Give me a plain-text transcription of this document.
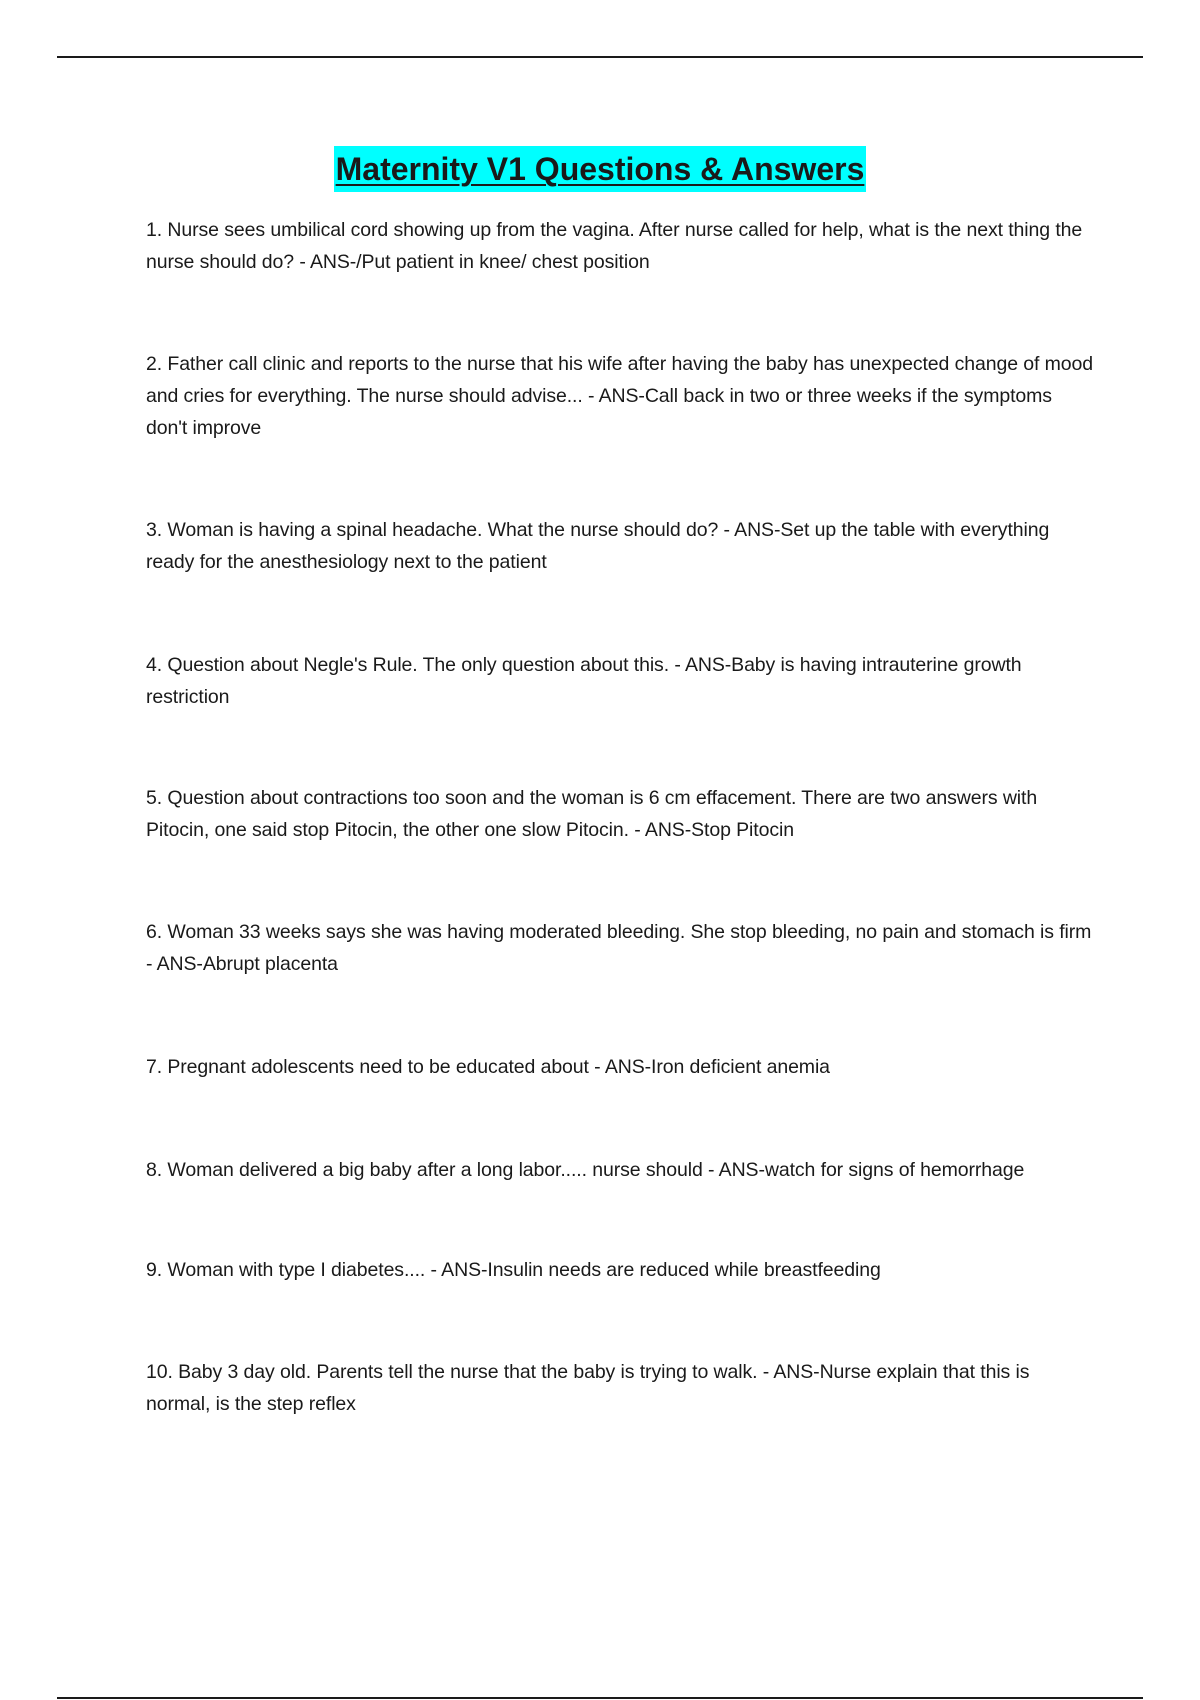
Maternity V1 Questions & Answers
1. Nurse sees umbilical cord showing up from the vagina. After nurse called for help, what is the next thing the nurse should do? - ANS-/Put patient in knee/ chest position
2. Father call clinic and reports to the nurse that his wife after having the baby has unexpected change of mood and cries for everything. The nurse should advise... - ANS-Call back in two or three weeks if the symptoms don't improve
3. Woman is having a spinal headache. What the nurse should do? - ANS-Set up the table with everything ready for the anesthesiology next to the patient
4. Question about Negle's Rule. The only question about this. - ANS-Baby is having intrauterine growth restriction
5. Question about contractions too soon and the woman is 6 cm effacement. There are two answers with Pitocin, one said stop Pitocin, the other one slow Pitocin. - ANS-Stop Pitocin
6. Woman 33 weeks says she was having moderated bleeding. She stop bleeding, no pain and stomach is firm - ANS-Abrupt placenta
7. Pregnant adolescents need to be educated about - ANS-Iron deficient anemia
8. Woman delivered a big baby after a long labor..... nurse should - ANS-watch for signs of hemorrhage
9. Woman with type I diabetes.... - ANS-Insulin needs are reduced while breastfeeding
10. Baby 3 day old. Parents tell the nurse that the baby is trying to walk. - ANS-Nurse explain that this is normal, is the step reflex
